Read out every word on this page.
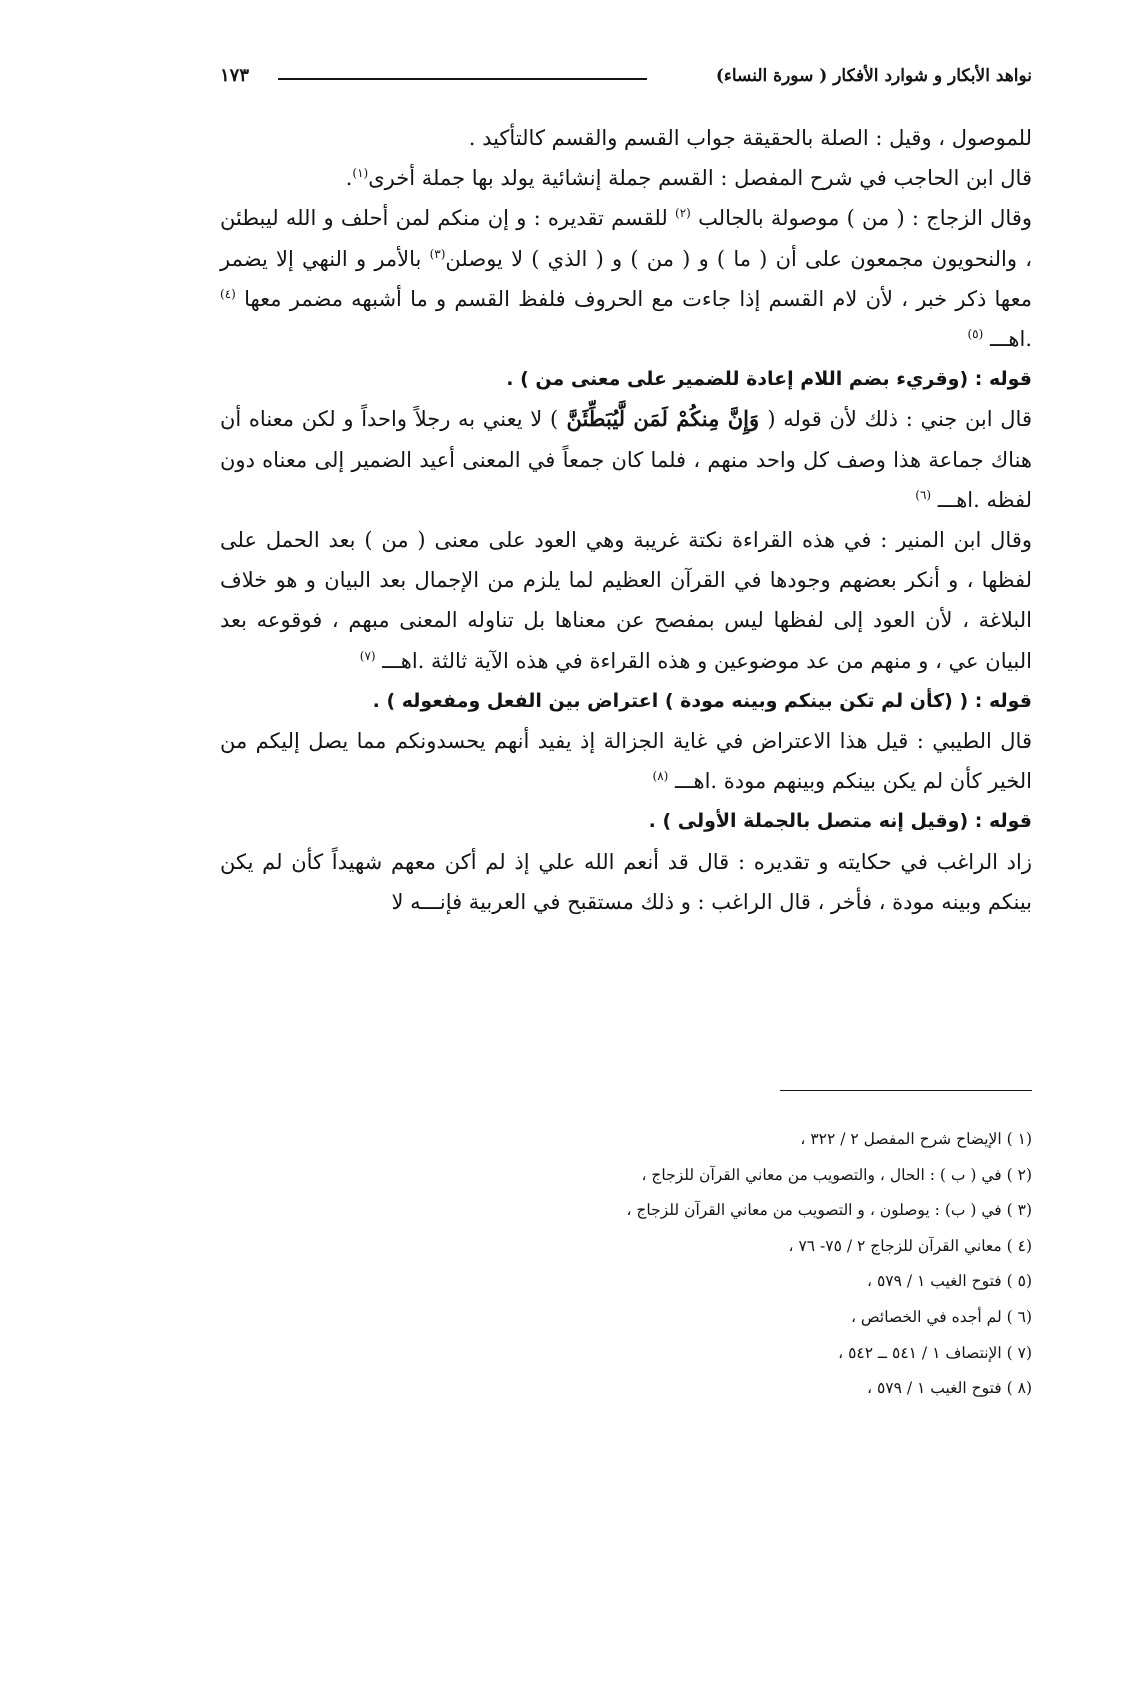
نواهد الأبكار و شوارد الأفكار ( سورة النساء)
١٧٣

للموصول ، وقيل : الصلة بالحقيقة جواب القسم والقسم كالتأكيد .

قال ابن الحاجب في شرح المفصل : القسم جملة إنشائية يولد بها جملة أخرى$^{(١)}$.

وقال الزجاج : ( من ) موصولة بالجالب $^{(٢)}$ للقسم تقديره : و إن منكم لمن أحلف و الله ليبطئن ، والنحويون مجمعون على أن ( ما ) و ( من ) و ( الذي ) لا يوصلن$^{(٣)}$ بالأمر و النهي إلا يضمر معها ذكر خبر ، لأن لام القسم إذا جاءت مع الحروف فلفظ القسم و ما أشبهه مضمر معها $^{(٤)}$ .اهـــ $^{(٥)}$

قوله : (وقريء بضم اللام إعادة للضمير على معنى من ) .

قال ابن جني : ذلك لأن قوله ( وَإِنَّ مِنكُمْ لَمَن لَّيُبَطِّئَنَّ ) لا يعني به رجلاً واحداً و لكن معناه أن هناك جماعة هذا وصف كل واحد منهم ، فلما كان جمعاً في المعنى أعيد الضمير إلى معناه دون لفظه .اهـــ $^{(٦)}$

وقال ابن المنير : في هذه القراءة نكتة غريبة وهي العود على معنى ( من ) بعد الحمل على لفظها ، و أنكر بعضهم وجودها في القرآن العظيم لما يلزم من الإجمال بعد البيان و هو خلاف البلاغة ، لأن العود إلى لفظها ليس بمفصح عن معناها بل تناوله المعنى مبهم ، فوقوعه بعد البيان عي ، و منهم من عد موضوعين و هذه القراءة في هذه الآية ثالثة .اهـــ $^{(٧)}$

قوله : ( (كأن لم تكن بينكم وبينه مودة ) اعتراض بين الفعل ومفعوله ) .

قال الطيبي : قيل هذا الاعتراض في غاية الجزالة إذ يفيد أنهم يحسدونكم مما يصل إليكم من الخير كأن لم يكن بينكم وبينهم مودة .اهـــ $^{(٨)}$

قوله : (وقيل إنه متصل بالجملة الأولى ) .

زاد الراغب في حكايته و تقديره : قال قد أنعم الله علي إذ لم أكن معهم شهيداً كأن لم يكن بينكم وبينه مودة ، فأخر ، قال الراغب : و ذلك مستقبح في العربية فإنـــه لا

(١ ) الإيضاح شرح المفصل ٢ / ٣٢٢ ،
(٢ ) في ( ب ) : الحال ، والتصويب من معاني القرآن للزجاج ،
(٣ ) في ( ب) : يوصلون ، و التصويب من معاني القرآن للزجاج ،
(٤ ) معاني القرآن للزجاج ٢ / ٧٥- ٧٦ ،
(٥ ) فتوح الغيب ١ / ٥٧٩ ،
(٦ ) لم أجده في الخصائص ،
(٧ ) الإنتصاف ١ / ٥٤١ ــ ٥٤٢ ،
(٨ ) فتوح الغيب ١ / ٥٧٩ ،
